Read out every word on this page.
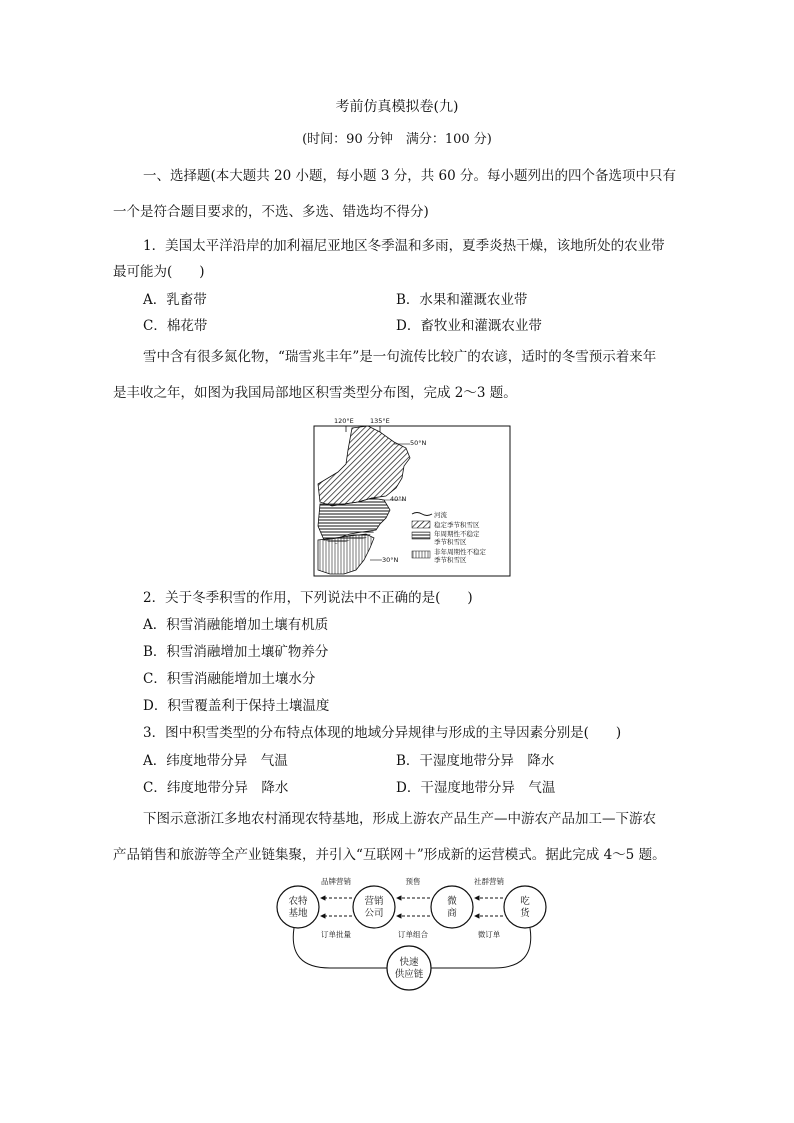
考前仿真模拟卷(九)
(时间：90 分钟　满分：100 分)
一、选择题(本大题共 20 小题，每小题 3 分，共 60 分。每小题列出的四个备选项中只有
一个是符合题目要求的，不选、多选、错选均不得分)
1．美国太平洋沿岸的加利福尼亚地区冬季温和多雨，夏季炎热干燥，该地所处的农业带
最可能为(　　)
A．乳畜带	B．水果和灌溉农业带
C．棉花带	D．畜牧业和灌溉农业带
雪中含有很多氮化物，“瑞雪兆丰年”是一句流传比较广的农谚，适时的冬雪预示着来年
是丰收之年，如图为我国局部地区积雪类型分布图，完成 2～3 题。
120°E 135°E
50°N
40°N
30°N
河流
稳定季节积雪区
年周期性不稳定
季节积雪区
非年周期性不稳定
季节积雪区
2．关于冬季积雪的作用，下列说法中不正确的是(　　)
A．积雪消融能增加土壤有机质
B．积雪消融增加土壤矿物养分
C．积雪消融能增加土壤水分
D．积雪覆盖利于保持土壤温度
3．图中积雪类型的分布特点体现的地域分异规律与形成的主导因素分别是(　　)
A．纬度地带分异　气温	B．干湿度地带分异　降水
C．纬度地带分异　降水	D．干湿度地带分异　气温
下图示意浙江多地农村涌现农特基地，形成上游农产品生产—中游农产品加工—下游农
产品销售和旅游等全产业链集聚，并引入“互联网＋”形成新的运营模式。据此完成 4～5 题。
农特
基地
营销
公司
微
商
吃
货
快速
供应链
品牌营销	预售	社群营销
订单批量	订单组合	微订单
